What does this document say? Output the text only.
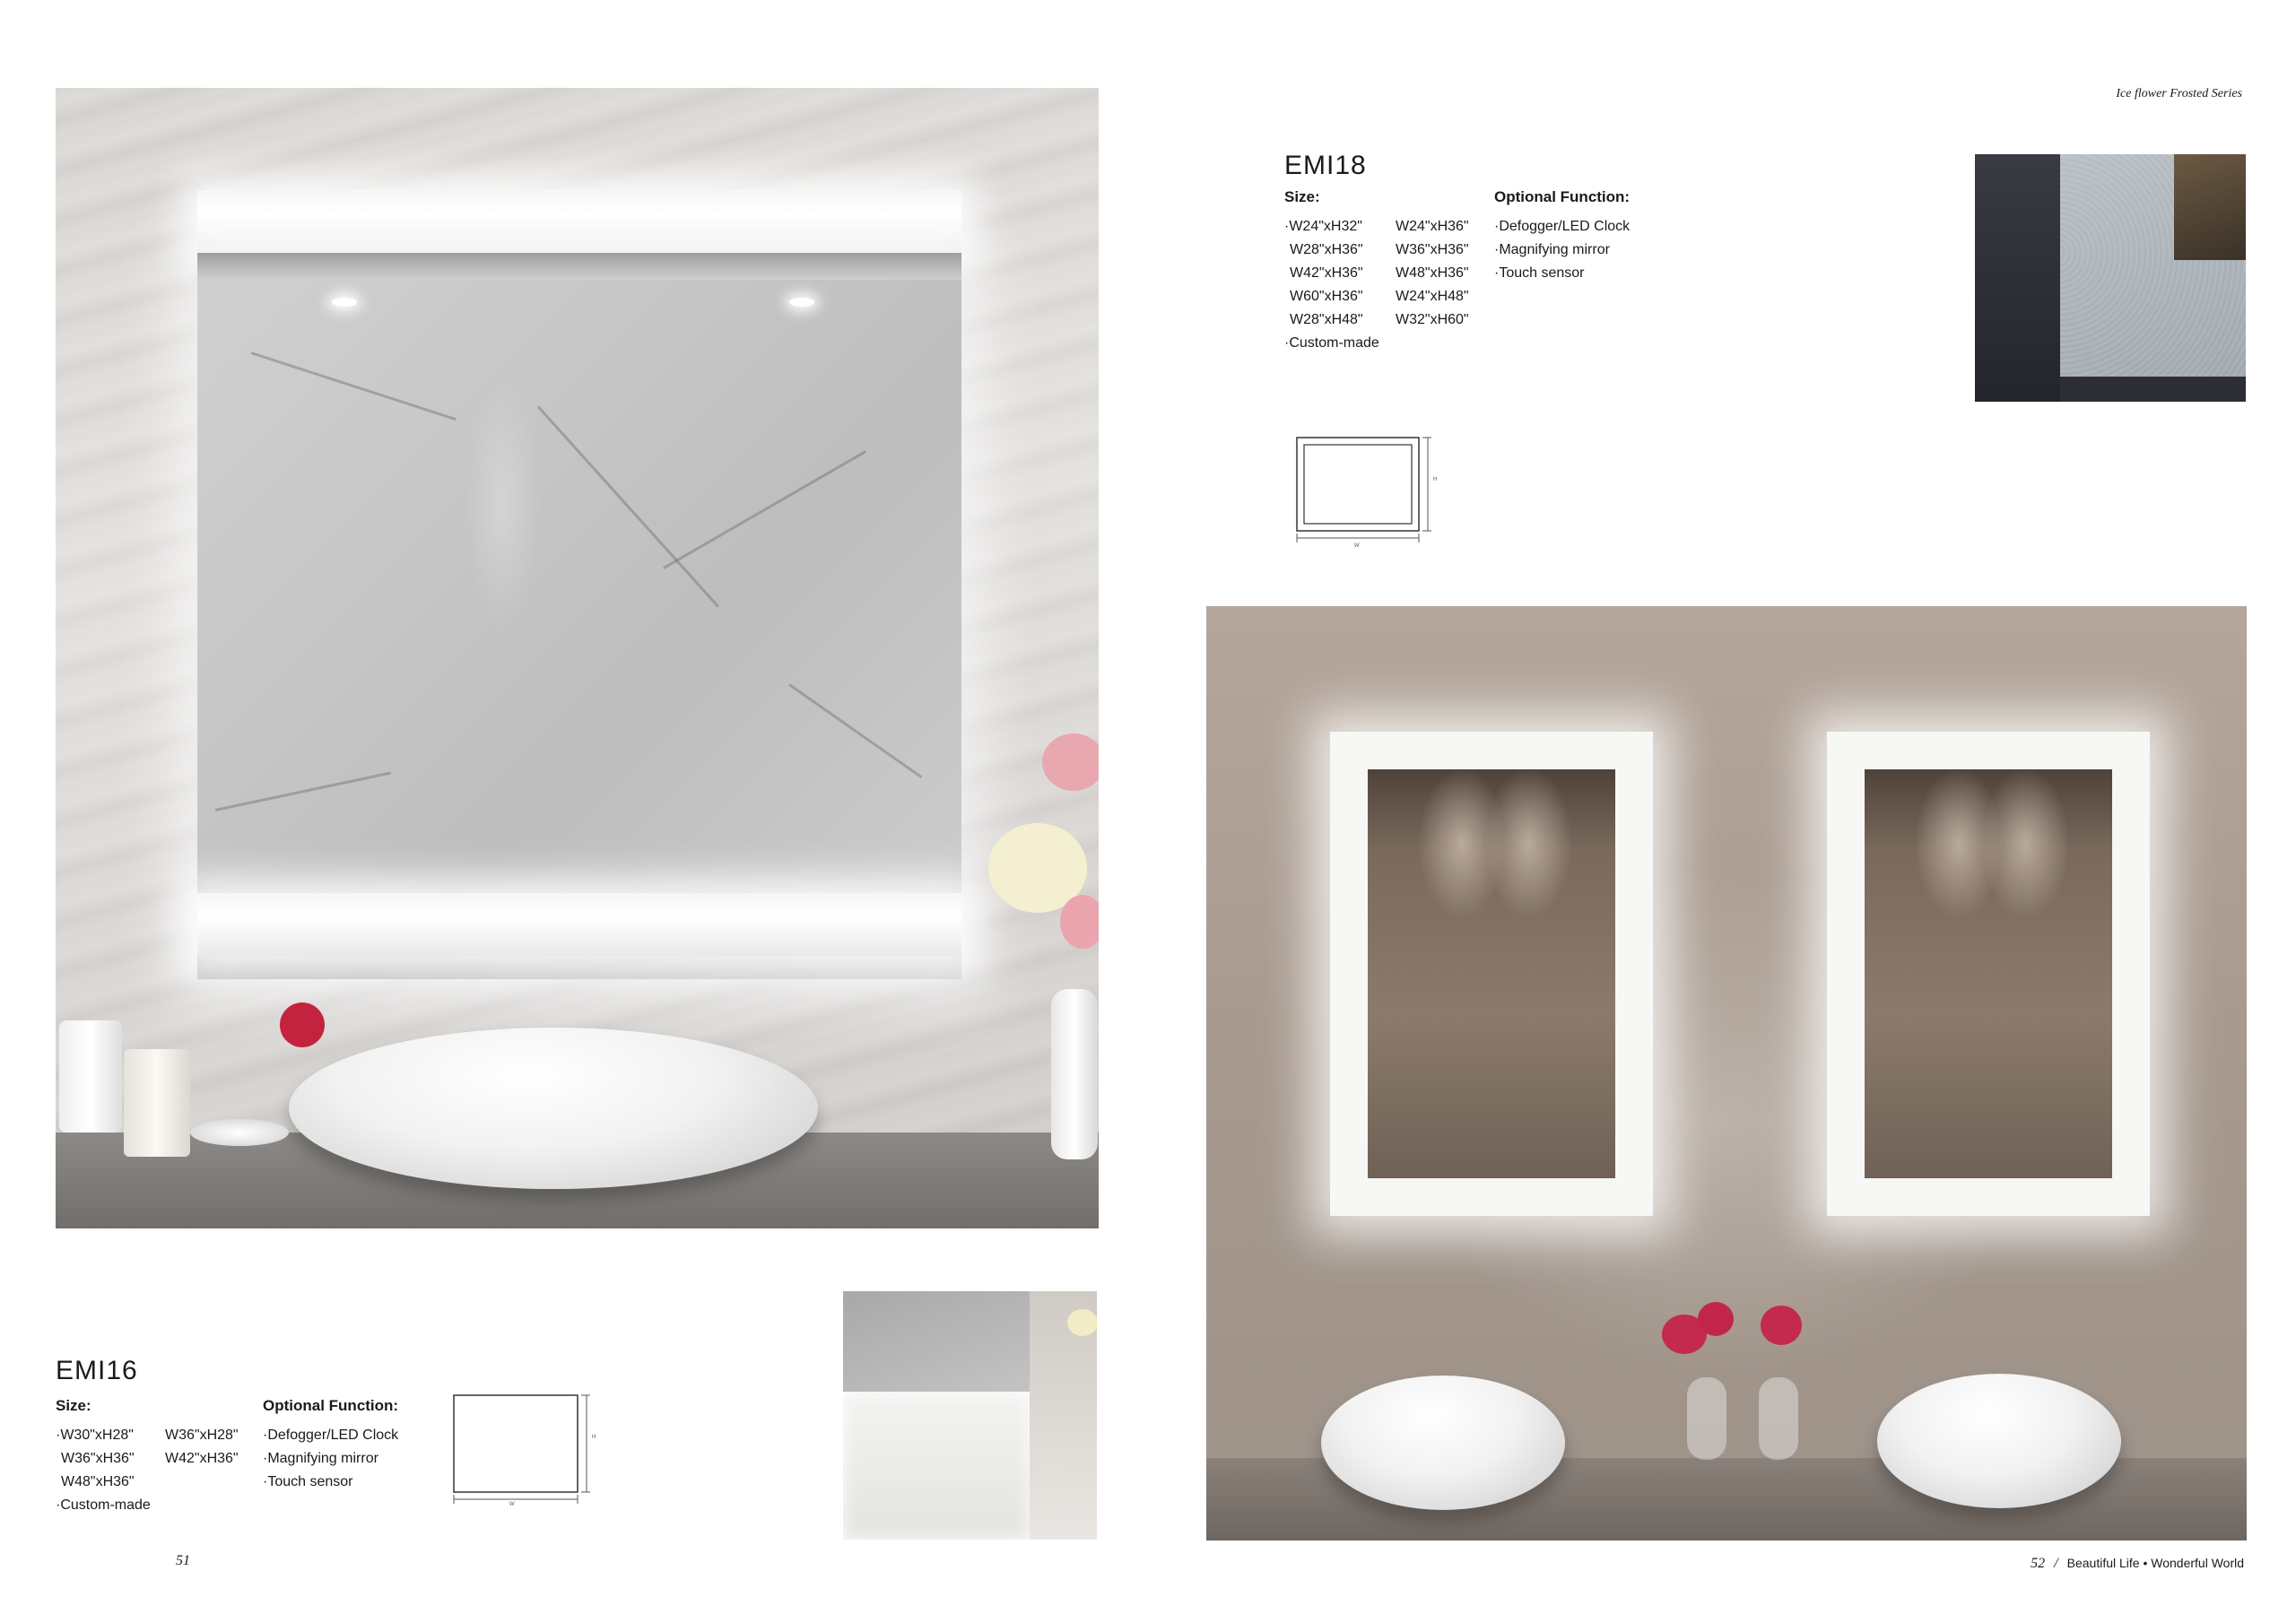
EMI16
Size:
·W30"xH28"
W36"xH36"
W48"xH36"
·Custom-made
W36"xH28"
W42"xH36"
Optional Function:
·Defogger/LED Clock
·Magnifying mirror
·Touch sensor
H
W
51
Ice flower Frosted Series
EMI18
Size:
·W24"xH32"
W28"xH36"
W42"xH36"
W60"xH36"
W28"xH48"
·Custom-made
W24"xH36"
W36"xH36"
W48"xH36"
W24"xH48"
W32"xH60"
Optional Function:
·Defogger/LED Clock
·Magnifying mirror
·Touch sensor
H
W
52 / Beautiful Life • Wonderful World
